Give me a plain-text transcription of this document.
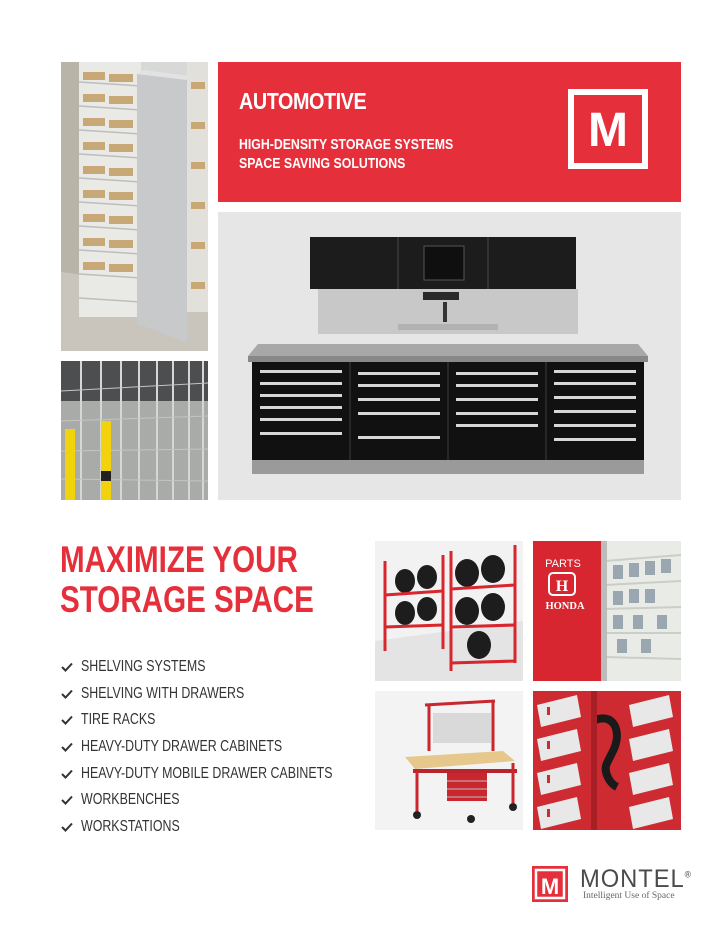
AUTOMOTIVE
HIGH-DENSITY STORAGE SYSTEMS
SPACE SAVING SOLUTIONS
M
MAXIMIZE YOUR
STORAGE SPACE
SHELVING SYSTEMS
SHELVING WITH DRAWERS
TIRE RACKS
HEAVY-DUTY DRAWER CABINETS
HEAVY-DUTY MOBILE DRAWER CABINETS
WORKBENCHES
WORKSTATIONS
PARTS
H
HONDA
M MONTEL®
Intelligent Use of Space
